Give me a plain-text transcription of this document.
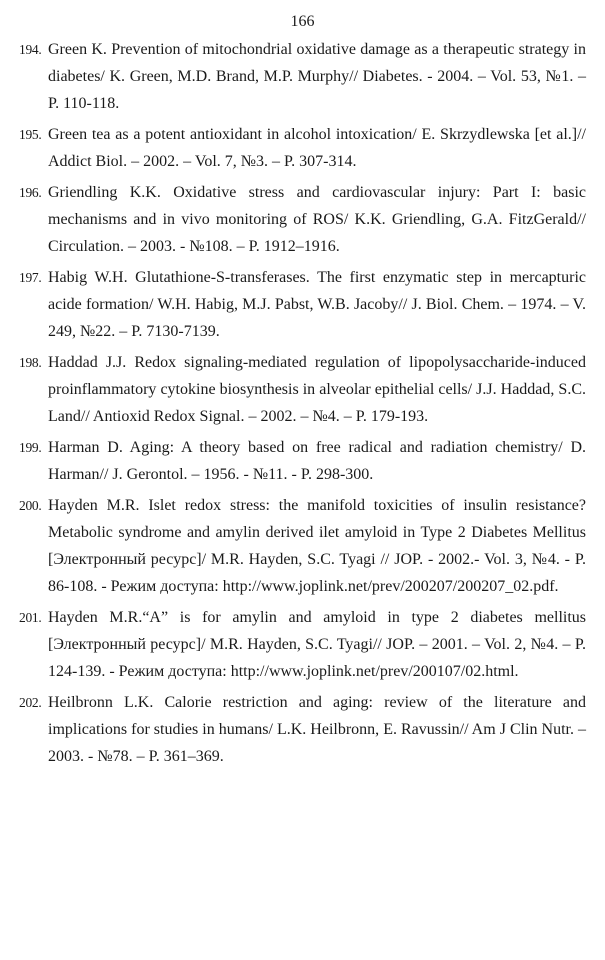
166
194. Green K. Prevention of mitochondrial oxidative damage as a therapeutic strategy in diabetes/ K. Green, M.D. Brand, M.P. Murphy// Diabetes. - 2004. – Vol. 53, №1. – P. 110-118.
195. Green tea as a potent antioxidant in alcohol intoxication/ E. Skrzydlewska [et al.]// Addict Biol. – 2002. – Vol. 7, №3. – P. 307-314.
196. Griendling K.K. Oxidative stress and cardiovascular injury: Part I: basic mechanisms and in vivo monitoring of ROS/ K.K. Griendling, G.A. FitzGerald// Circulation. – 2003. - №108. – P. 1912–1916.
197. Habig W.H. Glutathione-S-transferases. The first enzymatic step in mercapturic acide formation/ W.H. Habig, M.J. Pabst, W.B. Jacoby// J. Biol. Chem. – 1974. – V. 249, №22. – P. 7130-7139.
198. Haddad J.J. Redox signaling-mediated regulation of lipopolysaccharide-induced proinflammatory cytokine biosynthesis in alveolar epithelial cells/ J.J. Haddad, S.C. Land// Antioxid Redox Signal. – 2002. – №4. – P. 179-193.
199. Harman D. Aging: A theory based on free radical and radiation chemistry/ D. Harman// J. Gerontol. – 1956. - №11. - P. 298-300.
200. Hayden M.R. Islet redox stress: the manifold toxicities of insulin resistance? Metabolic syndrome and amylin derived ilet amyloid in Type 2 Diabetes Mellitus [Электронный ресурс]/ M.R. Hayden, S.C. Tyagi // JOP. - 2002.- Vol. 3, №4. - P. 86-108. - Режим доступа: http://www.joplink.net/prev/200207/200207_02.pdf.
201. Hayden M.R.“A” is for amylin and amyloid in type 2 diabetes mellitus [Электронный ресурс]/ M.R. Hayden, S.C. Tyagi// JOP. – 2001. – Vol. 2, №4. – P. 124-139. - Режим доступа: http://www.joplink.net/prev/200107/02.html.
202. Heilbronn L.K. Calorie restriction and aging: review of the literature and implications for studies in humans/ L.K. Heilbronn, E. Ravussin// Am J Clin Nutr. – 2003. - №78. – P. 361–369.
